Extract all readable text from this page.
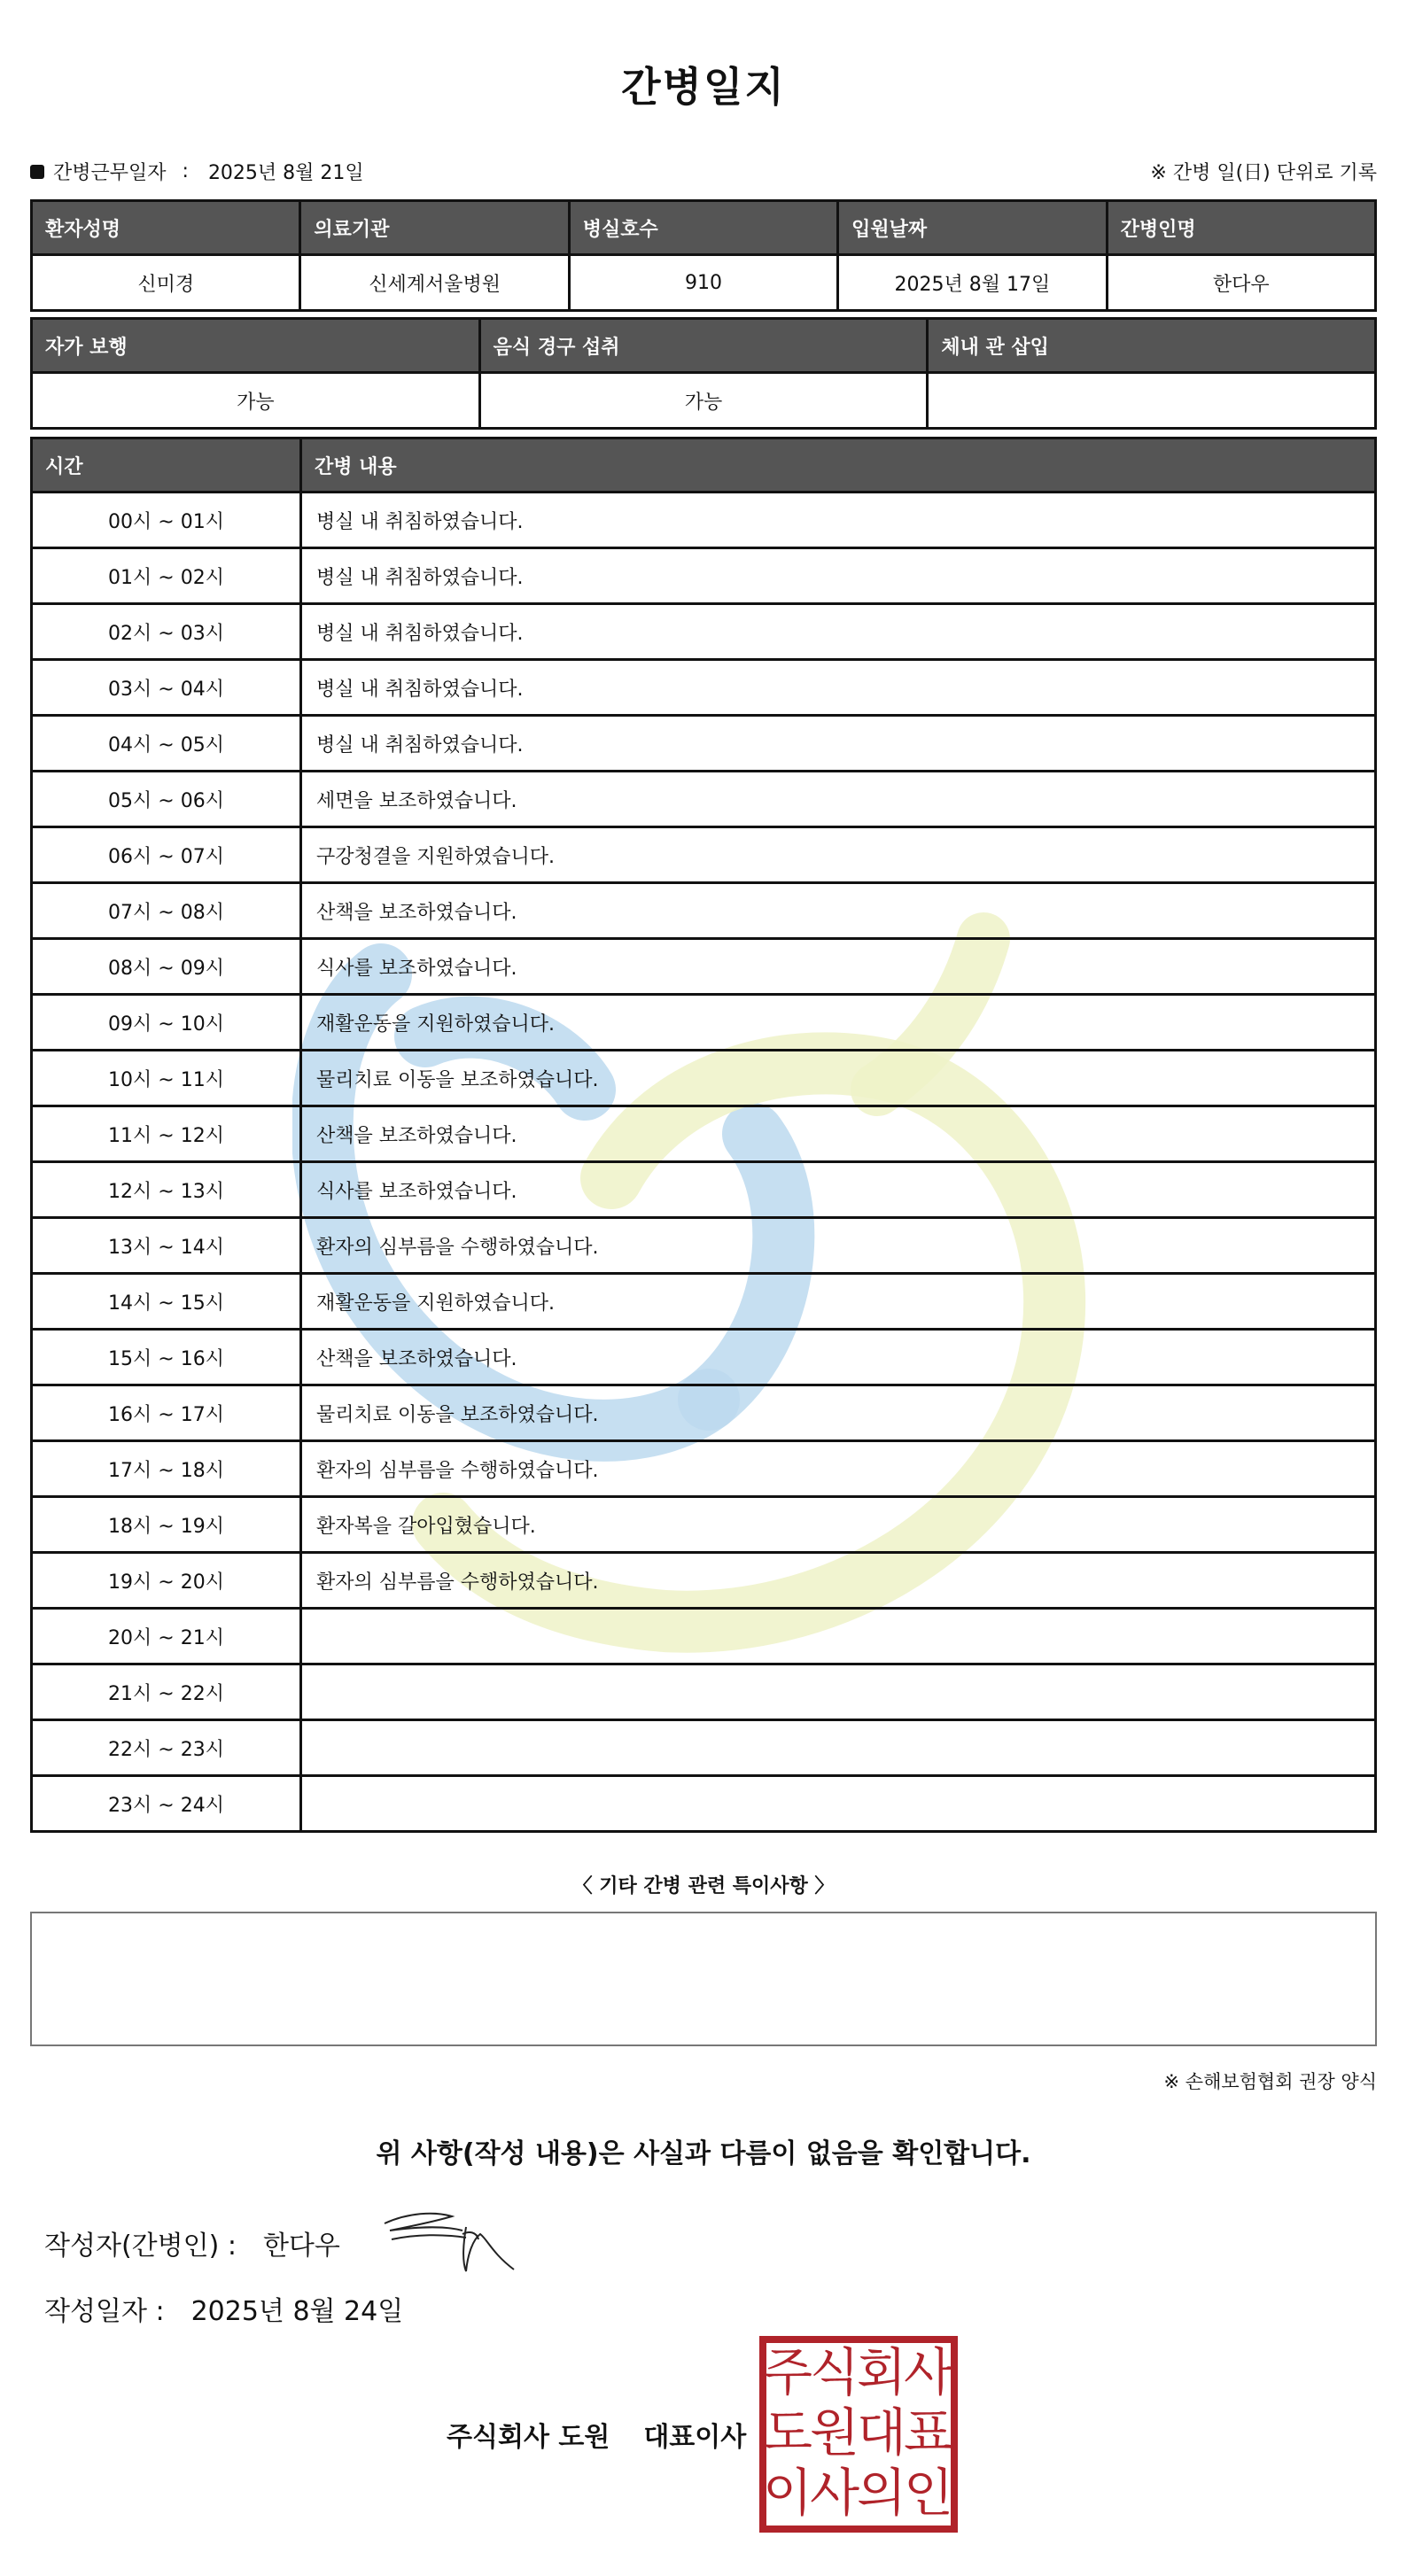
간병일지
간병근무일자 : 2025년 8월 21일	※ 간병 일(日) 단위로 기록
환자성명	의료기관	병실호수	입원날짜	간병인명
신미경	신세계서울병원	910	2025년 8월 17일	한다우
자가 보행	음식 경구 섭취	체내 관 삽입
가능	가능	
시간	간병 내용
00시 ~ 01시	병실 내 취침하였습니다.
01시 ~ 02시	병실 내 취침하였습니다.
02시 ~ 03시	병실 내 취침하였습니다.
03시 ~ 04시	병실 내 취침하였습니다.
04시 ~ 05시	병실 내 취침하였습니다.
05시 ~ 06시	세면을 보조하였습니다.
06시 ~ 07시	구강청결을 지원하였습니다.
07시 ~ 08시	산책을 보조하였습니다.
08시 ~ 09시	식사를 보조하였습니다.
09시 ~ 10시	재활운동을 지원하였습니다.
10시 ~ 11시	물리치료 이동을 보조하였습니다.
11시 ~ 12시	산책을 보조하였습니다.
12시 ~ 13시	식사를 보조하였습니다.
13시 ~ 14시	환자의 심부름을 수행하였습니다.
14시 ~ 15시	재활운동을 지원하였습니다.
15시 ~ 16시	산책을 보조하였습니다.
16시 ~ 17시	물리치료 이동을 보조하였습니다.
17시 ~ 18시	환자의 심부름을 수행하였습니다.
18시 ~ 19시	환자복을 갈아입혔습니다.
19시 ~ 20시	환자의 심부름을 수행하였습니다.
20시 ~ 21시	
21시 ~ 22시	
22시 ~ 23시	
23시 ~ 24시	
〈 기타 간병 관련 특이사항 〉
※ 손해보험협회 권장 양식
위 사항(작성 내용)은 사실과 다름이 없음을 확인합니다.
작성자(간병인) : 한다우
작성일자 : 2025년 8월 24일
주식회사 도원 대표이사
주
식
회
사
도
원
대
표
이
사
의
인
